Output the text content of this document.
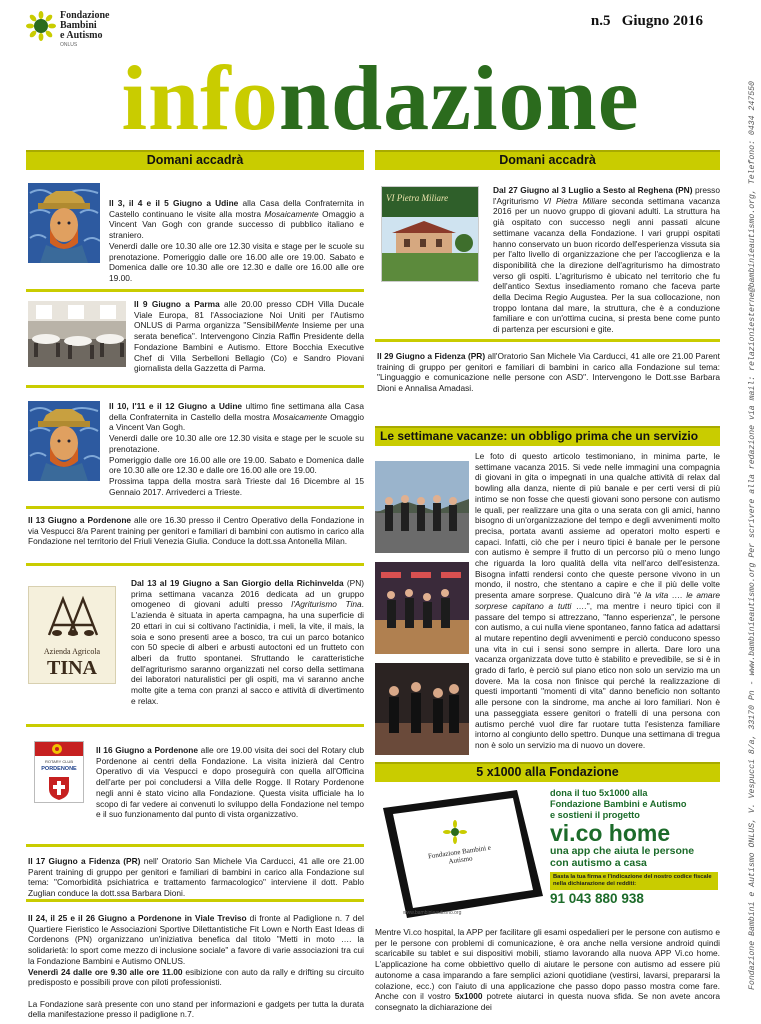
Fondazione
Bambini
e Autismo
ONLUS
n.5   Giugno 2016
infondazione	Fondazione Bambini e Autismo ONLUS, V. Vespucci 8/a, 33170 Pn - www.bambinieautismo.org Per scrivere alla redazione via mail: relazioniesterne@bambinieautismo.org, Telefono: 0434 247550
Domani accadrà
Il 3, il 4 e il 5 Giugno a Udine alla Casa della Confraternita in Castello continuano le visite alla mostra Mosaicamente Omaggio a Vincent Van Gogh con grande successo di pubblico italiano e straniero.
Venerdì dalle ore 10.30 alle ore 12.30 visita e stage per le scuole su prenotazione. Pomeriggio dalle ore 16.00 alle ore 19.00. Sabato e Domenica dalle ore 10.30 alle ore 12.30 e dalle ore 16.00 alle ore 19.00.
Il 9 Giugno a Parma alle 20.00 presso CDH Villa Ducale Viale Europa, 81 l'Associazione Noi Uniti per l'Autismo ONLUS di Parma organizza "SensibilMente Insieme per una serata benefica". Intervengono Cinzia Raffin Presidente della Fondazione Bambini e Autismo. Ettore Bocchia Executive Chef di Villa Serbelloni Bellagio (Co) e Sandro Piovani giornalista della Gazzetta di Parma.
Il 10, l'11 e il 12 Giugno a Udine ultimo fine settimana alla Casa della Confraternita in Castello della mostra Mosaicamente Omaggio a Vincent Van Gogh.
Venerdì dalle ore 10.30 alle ore 12.30 visita e stage per le scuole su prenotazione.
Pomeriggio dalle ore 16.00 alle ore 19.00. Sabato e Domenica dalle ore 10.30 alle ore 12.30 e dalle ore 16.00 alle ore 19.00.
Prossima tappa della mostra sarà Trieste dal 16 Dicembre al 15 Gennaio 2017. Arrivederci a Trieste.
Il 13 Giugno a Pordenone alle ore 16.30 presso il Centro Operativo della Fondazione in via Vespucci 8/a Parent training per genitori e familiari di bambini con autismo in carico alla Fondazione nel territorio del Friuli Venezia Giulia. Conduce la dott.ssa Antonella Milan.
Azienda Agricola
TINA
Dal 13 al 19 Giugno a San Giorgio della Richinvelda (PN) prima settimana vacanza 2016 dedicata ad un gruppo omogeneo di giovani adulti presso l'Agriturismo Tina. L'azienda è situata in aperta campagna, ha una superficie di 20 ettari in cui si coltivano l'actinidia, i meli, la vite, il mais, la soia e sono presenti aree a bosco, tra cui un parco botanico con 50 specie di alberi e arbusti autoctoni ed un frutteto con alberi da frutto spontanei. Sfruttando le caratteristiche dell'agriturismo saranno organizzati nel corso della settimana dei laboratori naturalistici per gli ospiti, ma vi saranno anche molte gite a tema con pranzi al sacco e attività di divertimento e relax.
ROTARY CLUB
PORDENONE
Il 16 Giugno a Pordenone alle ore 19.00 visita dei soci del Rotary club Pordenone ai centri della Fondazione. La visita inizierà dal Centro Operativo di via Vespucci e dopo proseguirà con quella all'Officina dell'arte per poi concludersi a Villa delle Rogge. Il Rotary Pordenone negli anni è stato vicino alla Fondazione. Questa visita ufficiale ha lo scopo di far vedere ai convenuti lo sviluppo della Fondazione nel tempo e il suo funzionamento dal punto di vista organizzativo.
Il 17 Giugno a Fidenza (PR) nell' Oratorio San Michele Via Carducci, 41 alle ore 21.00 Parent training di gruppo per genitori e familiari di bambini in carico alla Fondazione sul tema: "Comorbidità psichiatrica e trattamento farmacologico" interviene il dott. Pablo Zuglian conduce la dott.ssa Barbara Dioni.
Il 24, il 25 e il 26 Giugno a Pordenone in Viale Treviso di fronte al Padiglione n. 7 del Quartiere Fieristico le Associazioni Sportive Dilettantistiche Fit Lown e North East Ideas di Cordenons (PN) organizzano un'iniziativa benefica dal titolo "Metti in moto …. la solidarietà: lo sport come mezzo di inclusione sociale" a favore di varie associazioni tra cui la Fondazione Bambini e Autismo ONLUS.
Venerdì 24 dalle ore 9.30 alle ore 11.00 esibizione con auto da rally e drifting su circuito predisposto e possibili prove con piloti professionisti.

La Fondazione sarà presente con uno stand per informazioni e gadgets per tutta la durata della manifestazione presso il padiglione n.7.
Domani accadrà
VI Pietra Miliare
Dal 27 Giugno al 3 Luglio a Sesto al Reghena (PN) presso l'Agriturismo VI Pietra Miliare seconda settimana vacanza 2016 per un nuovo gruppo di giovani adulti. La struttura ha già ospitato con successo negli anni passati alcune settimane vacanza della Fondazione. I vari gruppi ospitati hanno conservato un buon ricordo dell'esperienza vissuta sia per l'alto livello di organizzazione che per l'accoglienza e la disponibilità che la direzione dell'agriturismo ha dimostrato verso gli ospiti. L'agriturismo è ubicato nel territorio che fu dell'antico Sextus insediamento romano che faceva parte della Decima Regio Augustea. Per la sua collocazione, non troppo lontana dal mare, la struttura, che è a conduzione familiare e con un'ottima cucina, si presta bene come punto di partenza per escursioni e gite.
Il 29 Giugno a Fidenza (PR) all'Oratorio San Michele Via Carducci, 41 alle ore 21.00 Parent training di gruppo per genitori e familiari di bambini in carico alla Fondazione sul tema: "Linguaggio e comunicazione nelle persone con ASD". Intervengono le Dott.sse Barbara Dioni e Annalisa Amadasi.
Le settimane vacanze: un obbligo prima che un servizio
Le foto di questo articolo testimoniano, in minima parte, le settimane vacanza 2015. Si vede nelle immagini una compagnia di giovani in gita o impegnati in una qualche attività di relax dal bowling alla danza, niente di più banale e per certi versi di più intimo se non fosse che questi giovani sono persone con autismo le quali, per realizzare una gita o una serata con gli amici, hanno bisogno di un'organizzazione del tempo e degli avvenimenti molto precisa, portata avanti assieme ad operatori molto esperti e capaci. Infatti, ciò che per i neuro tipici è banale per le persone con autismo è sempre il frutto di un percorso più o meno lungo che riguarda la loro qualità della vita nell'arco dell'esistenza. Bisogna infatti rendersi conto che queste persone vivono in un mondo, il nostro, che stentano a capire e che il più delle volte presenta amare sorprese. Qualcuno dirà "è la vita …. le amare sorprese capitano a tutti ….", ma mentre i neuro tipici con il passare del tempo si attrezzano, "fanno esperienza", le persone con autismo, a cui nulla viene spontaneo, fanno fatica ad adattarsi al mutare repentino degli avvenimenti e perciò conducono spesso una vita in cui i sensi sono sempre in allerta. Dare loro una vacanza organizzata dove tutto è stabilito e prevedibile, se si è in grado di farlo, è perciò sul piano etico non solo un servizio ma un dovere. Ma la cosa non finisce qui perché la realizzazione di questi importanti "momenti di vita" danno beneficio non soltanto alle persone con la sindrome, ma anche ai loro familiari. Non è una passeggiata essere genitori o fratelli di una persona con autismo perché vuol dire far ruotare tutta l'esistenza familiare intorno al congiunto dello spettro. Dunque una settimana di tregua non è solo un servizio ma di nuovo un dovere.
5 x1000 alla Fondazione
Fondazione Bambini e Autismo
www.bambinieautismo.org
dona il tuo 5x1000 alla
Fondazione Bambini e Autismo
e sostieni il progetto
vi.co home
una app che aiuta le persone
con autismo a casa
Basta la tua firma e l'indicazione del nostro codice fiscale nella dichiarazione dei redditi:
91 043 880 938
Mentre Vi.co hospital, la APP per facilitare gli esami ospedalieri per le persone con autismo e per le persone con problemi di comunicazione, è ora anche nella versione android quindi scaricabile su tablet e sui dispositivi mobili, stiamo lavorando alla nuova APP Vi.co home. L'applicazione ha come obbiettivo quello di aiutare le persone con autismo ad essere più autonome a casa imparando a fare semplici azioni quotidiane (vestirsi, lavarsi, prepararsi la colazione, ecc.) con l'aiuto di una applicazione che passo dopo passo mostra come fare. Anche con il vostro 5x1000 potrete aiutarci in questa nuova sfida. Se non avete ancora consegnato la dichiarazione dei
